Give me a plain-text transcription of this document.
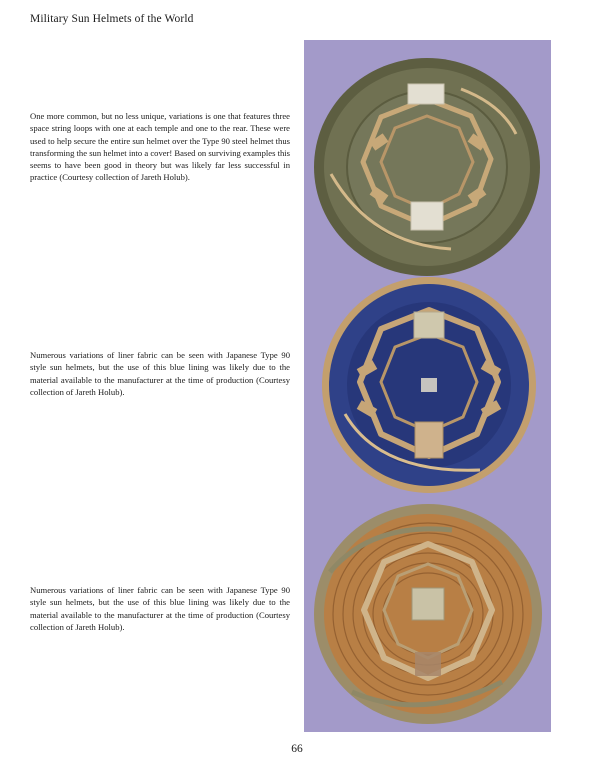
Military Sun Helmets of the World

One more common, but no less unique, variations is one that features three space string loops with one at each temple and one to the rear. These were used to help secure the entire sun helmet over the Type 90 steel helmet thus transforming the sun helmet into a cover! Based on surviving examples this seems to have been good in theory but was likely far less successful in practice (Courtesy collection of Jareth Holub).

Numerous variations of liner fabric can be seen with Japanese Type 90 style sun helmets, but the use of this blue lining was likely due to the material available to the manufacturer at the time of production (Courtesy collection of Jareth Holub).

Numerous variations of liner fabric can be seen with Japanese Type 90 style sun helmets, but the use of this blue lining was likely due to the material available to the manufacturer at the time of production (Courtesy collection of Jareth Holub).

66
